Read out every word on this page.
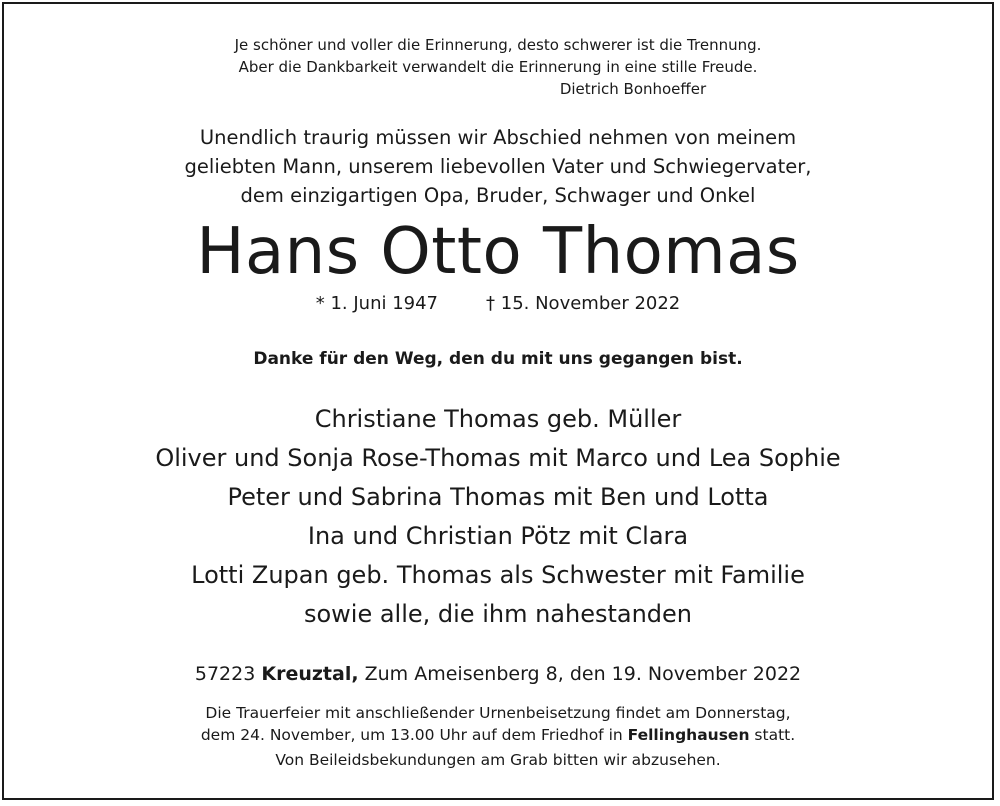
Je schöner und voller die Erinnerung, desto schwerer ist die Trennung.
Aber die Dankbarkeit verwandelt die Erinnerung in eine stille Freude.
Dietrich Bonhoeffer
Unendlich traurig müssen wir Abschied nehmen von meinem
geliebten Mann, unserem liebevollen Vater und Schwiegervater,
dem einzigartigen Opa, Bruder, Schwager und Onkel
Hans Otto Thomas
* 1. Juni 1947	† 15. November 2022
Danke für den Weg, den du mit uns gegangen bist.
Christiane Thomas geb. Müller
Oliver und Sonja Rose-Thomas mit Marco und Lea Sophie
Peter und Sabrina Thomas mit Ben und Lotta
Ina und Christian Pötz mit Clara
Lotti Zupan geb. Thomas als Schwester mit Familie
sowie alle, die ihm nahestanden
57223 Kreuztal, Zum Ameisenberg 8, den 19. November 2022
Die Trauerfeier mit anschließender Urnenbeisetzung findet am Donnerstag,
dem 24. November, um 13.00 Uhr auf dem Friedhof in Fellinghausen statt.
Von Beileidsbekundungen am Grab bitten wir abzusehen.
